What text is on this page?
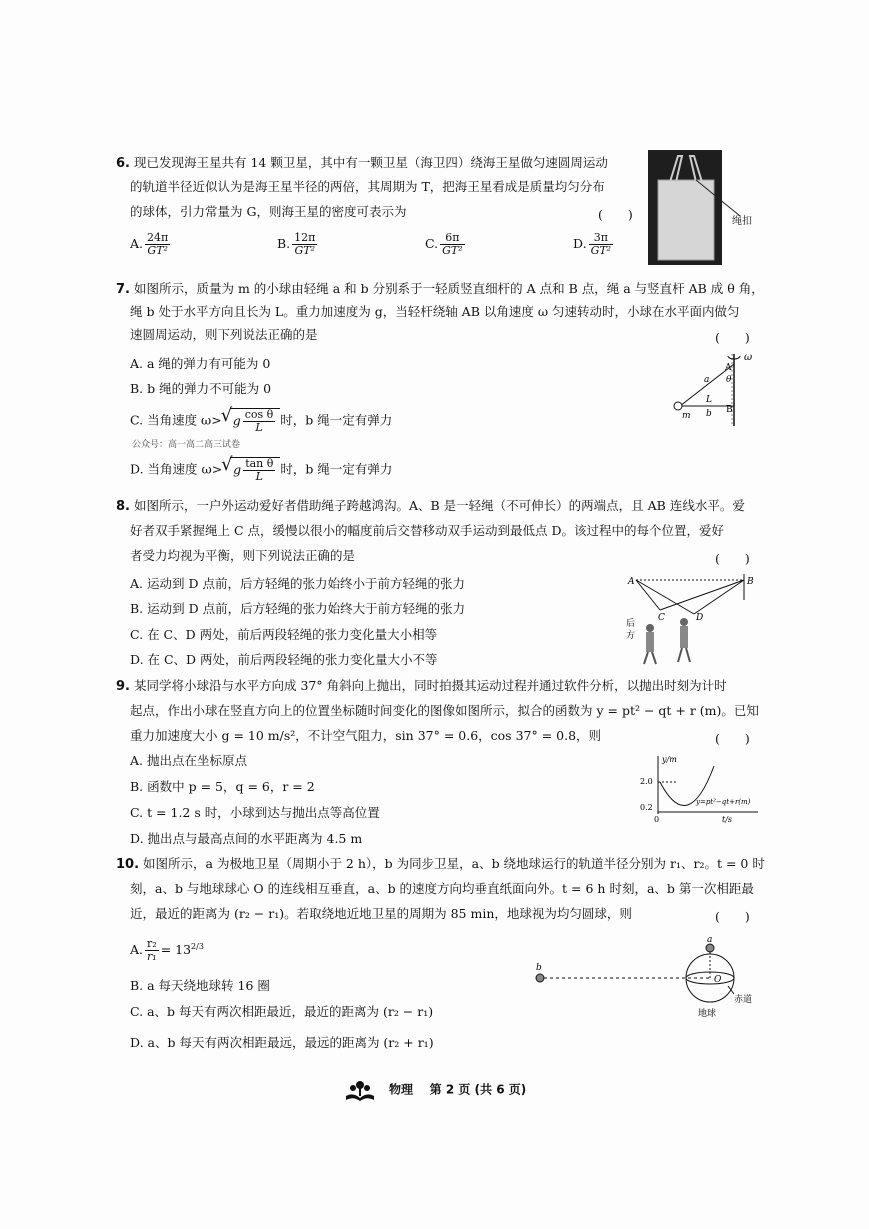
6. 现已发现海王星共有 14 颗卫星，其中有一颗卫星（海卫四）绕海王星做匀速圆周运动
的轨道半径近似认为是海王星半径的两倍，其周期为 T，把海王星看成是质量均匀分布
的球体，引力常量为 G，则海王星的密度可表示为	(　　)
A. $\frac{24\pi}{\text{GT²}}$	B. $\frac{12\pi}{\text{GT²}}$	C. $\frac{6\pi}{\text{GT²}}$	D. $\frac{3\pi}{\text{GT²}}$
绳扣
7. 如图所示，质量为 m 的小球由轻绳 a 和 b 分别系于一轻质竖直细杆的 A 点和 B 点，绳 a 与竖直杆 AB 成 θ 角，
绳 b 处于水平方向且长为 L。重力加速度为 g，当轻杆绕轴 AB 以角速度 ω 匀速转动时，小球在水平面内做匀
速圆周运动，则下列说法正确的是	(　　)
A. a 绳的弹力有可能为 0
B. b 绳的弹力不可能为 0
C. 当角速度 ω> √ g $\frac{\text{cos θ}}{L}$ 时，b 绳一定有弹力
公众号：高一高二高三试卷
D. 当角速度 ω> √ g $\frac{\text{tan θ}}{L}$ 时，b 绳一定有弹力
ω
A
B
a
b
L
θ
m
8. 如图所示，一户外运动爱好者借助绳子跨越鸿沟。A、B 是一轻绳（不可伸长）的两端点，且 AB 连线水平。爱
好者双手紧握绳上 C 点，缓慢以很小的幅度前后交替移动双手运动到最低点 D。该过程中的每个位置，爱好
者受力均视为平衡，则下列说法正确的是	(　　)
A. 运动到 D 点前，后方轻绳的张力始终小于前方轻绳的张力
B. 运动到 D 点前，后方轻绳的张力始终大于前方轻绳的张力
C. 在 C、D 两处，前后两段轻绳的张力变化量大小相等
D. 在 C、D 两处，前后两段轻绳的张力变化量大小不等
A	B
C	D
后
方
9. 某同学将小球沿与水平方向成 37° 角斜向上抛出，同时拍摄其运动过程并通过软件分析，以抛出时刻为计时
起点，作出小球在竖直方向上的位置坐标随时间变化的图像如图所示，拟合的函数为 y = pt² − qt + r (m)。已知
重力加速度大小 g = 10 m/s²，不计空气阻力，sin 37° = 0.6，cos 37° = 0.8，则	(　　)
A. 抛出点在坐标原点
B. 函数中 p = 5，q = 6，r = 2
C. t = 1.2 s 时，小球到达与抛出点等高位置
D. 抛出点与最高点间的水平距离为 4.5 m
y/m
t/s
2.0
0.2
0
y=pt²−qt+r(m)
10. 如图所示，a 为极地卫星（周期小于 2 h），b 为同步卫星，a、b 绕地球运行的轨道半径分别为 r₁、r₂。t = 0 时
刻，a、b 与地球球心 O 的连线相互垂直，a、b 的速度方向均垂直纸面向外。t = 6 h 时刻，a、b 第一次相距最
近，最近的距离为 (r₂ − r₁)。若取绕地近地卫星的周期为 85 min，地球视为均匀圆球，则	(　　)
A. $\frac{\text{r₂}}{\text{r₁}} = 13^{2/3}$
B. a 每天绕地球转 16 圈
C. a、b 每天有两次相距最近，最近的距离为 (r₂ − r₁)
D. a、b 每天有两次相距最远，最远的距离为 (r₂ + r₁)
b
a
O
赤道
地球
物理 第 2 页 (共 6 页)
